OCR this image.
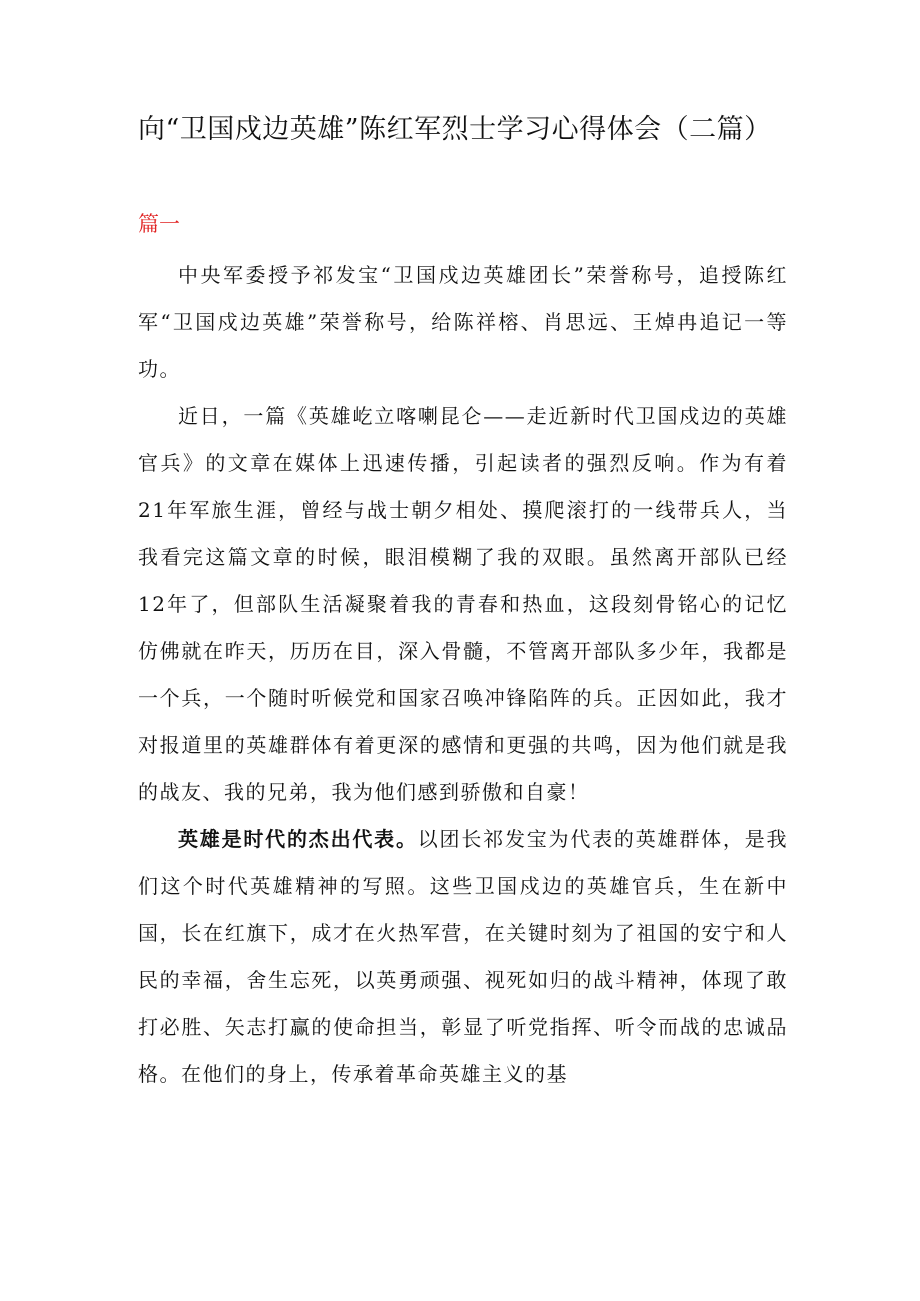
向“卫国戍边英雄”陈红军烈士学习心得体会（二篇）
篇一

中央军委授予祁发宝“卫国戍边英雄团长”荣誉称号，追授陈红军“卫国戍边英雄”荣誉称号，给陈祥榕、肖思远、王焯冉追记一等功。

近日，一篇《英雄屹立喀喇昆仑——走近新时代卫国戍边的英雄官兵》的文章在媒体上迅速传播，引起读者的强烈反响。作为有着21年军旅生涯，曾经与战士朝夕相处、摸爬滚打的一线带兵人，当我看完这篇文章的时候，眼泪模糊了我的双眼。虽然离开部队已经12年了，但部队生活凝聚着我的青春和热血，这段刻骨铭心的记忆仿佛就在昨天，历历在目，深入骨髓，不管离开部队多少年，我都是一个兵，一个随时听候党和国家召唤冲锋陷阵的兵。正因如此，我才对报道里的英雄群体有着更深的感情和更强的共鸣，因为他们就是我的战友、我的兄弟，我为他们感到骄傲和自豪！

英雄是时代的杰出代表。以团长祁发宝为代表的英雄群体，是我们这个时代英雄精神的写照。这些卫国戍边的英雄官兵，生在新中国，长在红旗下，成才在火热军营，在关键时刻为了祖国的安宁和人民的幸福，舍生忘死，以英勇顽强、视死如归的战斗精神，体现了敢打必胜、矢志打赢的使命担当，彰显了听党指挥、听令而战的忠诚品格。在他们的身上，传承着革命英雄主义的基
